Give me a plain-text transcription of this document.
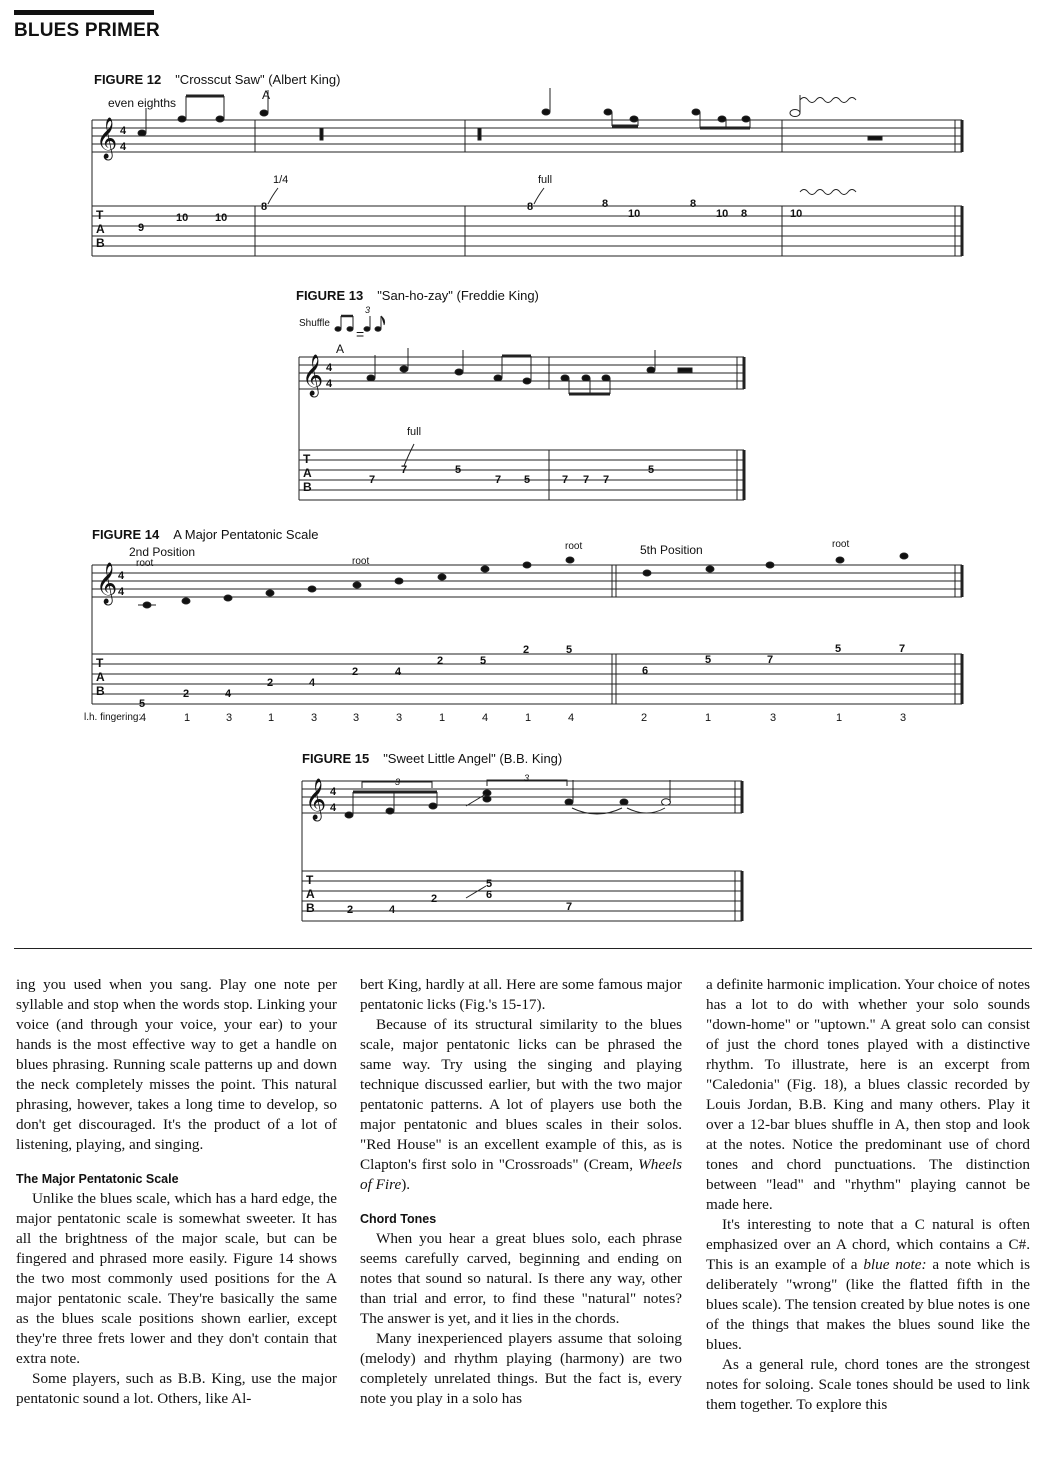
BLUES PRIMER
FIGURE 12 "Crosscut Saw" (Albert King)
even eighths
A
1/4	full
𝄞
𝄞
𝄞
𝄞
4
4
4
4
4
4
4
4
T
A
B
T
A
B
T
A
B
T
A
B
9
10 10
8	8	8
10
8
10 8	10
FIGURE 13 "San-ho-zay" (Freddie King)
Shuffle
=
3
A
full
7
7	5
7 5	7 7 7
5
FIGURE 14 A Major Pentatonic Scale
2nd Position	5th Position
root	root
root	root
5
2	4
2	4
2	4
2	5
2	5
6
5	7
5	7
l.h. fingering:
4	1	3	1	3	3	3	1	4	1	4	2	1	3	1	3
FIGURE 15 "Sweet Little Angel" (B.B. King)
3	3
2	4
2
5
6
7

ing you used when you sang. Play one note per syllable and stop when the words stop. Linking your voice (and through your voice, your ear) to your hands is the most effective way to get a handle on blues phrasing. Running scale patterns up and down the neck completely misses the point. This natural phrasing, however, takes a long time to develop, so don't get discouraged. It's the product of a lot of listening, playing, and singing.

The Major Pentatonic Scale

Unlike the blues scale, which has a hard edge, the major pentatonic scale is somewhat sweeter. It has all the brightness of the major scale, but can be fingered and phrased more easily. Figure 14 shows the two most commonly used positions for the A major pentatonic scale. They're basically the same as the blues scale positions shown earlier, except they're three frets lower and they don't contain that extra note.

Some players, such as B.B. King, use the major pentatonic sound a lot. Others, like Al-

bert King, hardly at all. Here are some famous major pentatonic licks (Fig.'s 15-17).

Because of its structural similarity to the blues scale, major pentatonic licks can be phrased the same way. Try using the singing and playing technique discussed earlier, but with the two major pentatonic patterns. A lot of players use both the major pentatonic and blues scales in their solos. "Red House" is an excellent example of this, as is Clapton's first solo in "Crossroads" (Cream, Wheels of Fire).

Chord Tones

When you hear a great blues solo, each phrase seems carefully carved, beginning and ending on notes that sound so natural. Is there any way, other than trial and error, to find these "natural" notes? The answer is yet, and it lies in the chords.

Many inexperienced players assume that soloing (melody) and rhythm playing (harmony) are two completely unrelated things. But the fact is, every note you play in a solo has

a definite harmonic implication. Your choice of notes has a lot to do with whether your solo sounds "down-home" or "uptown." A great solo can consist of just the chord tones played with a distinctive rhythm. To illustrate, here is an excerpt from "Caledonia" (Fig. 18), a blues classic recorded by Louis Jordan, B.B. King and many others. Play it over a 12-bar blues shuffle in A, then stop and look at the notes. Notice the predominant use of chord tones and chord punctuations. The distinction between "lead" and "rhythm" playing cannot be made here.

It's interesting to note that a C natural is often emphasized over an A chord, which contains a C#. This is an example of a blue note: a note which is deliberately "wrong" (like the flatted fifth in the blues scale). The tension created by blue notes is one of the things that makes the blues sound like the blues.

As a general rule, chord tones are the strongest notes for soloing. Scale tones should be used to link them together. To explore this
